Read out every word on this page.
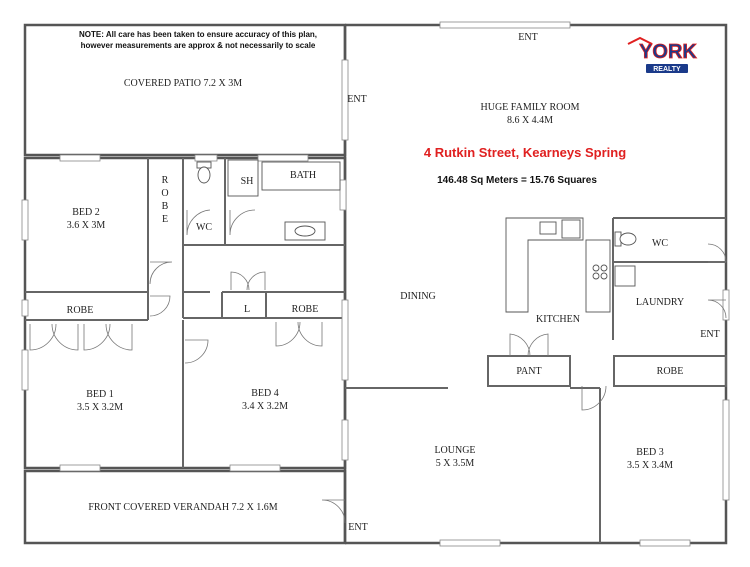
NOTE: All care has been taken to ensure accuracy of this plan,
however measurements are approx & not necessarily to scale
4 Rutkin Street, Kearneys Spring
146.48 Sq Meters = 15.76 Squares
YORK
REALTY
COVERED PATIO 7.2 X 3M
HUGE FAMILY ROOM
8.6 X 4.4M
ENT
ENT
ENT
ENT
BED 2
3.6 X 3M
R
O
B
E
WC
SH
BATH
ROBE	L	ROBE
BED 1
3.5 X 3.2M
BED 4
3.4 X 3.2M
DINING
KITCHEN
WC
LAUNDRY
PANT	ROBE
LOUNGE
5 X 3.5M
BED 3
3.5 X 3.4M
FRONT COVERED VERANDAH 7.2 X 1.6M
